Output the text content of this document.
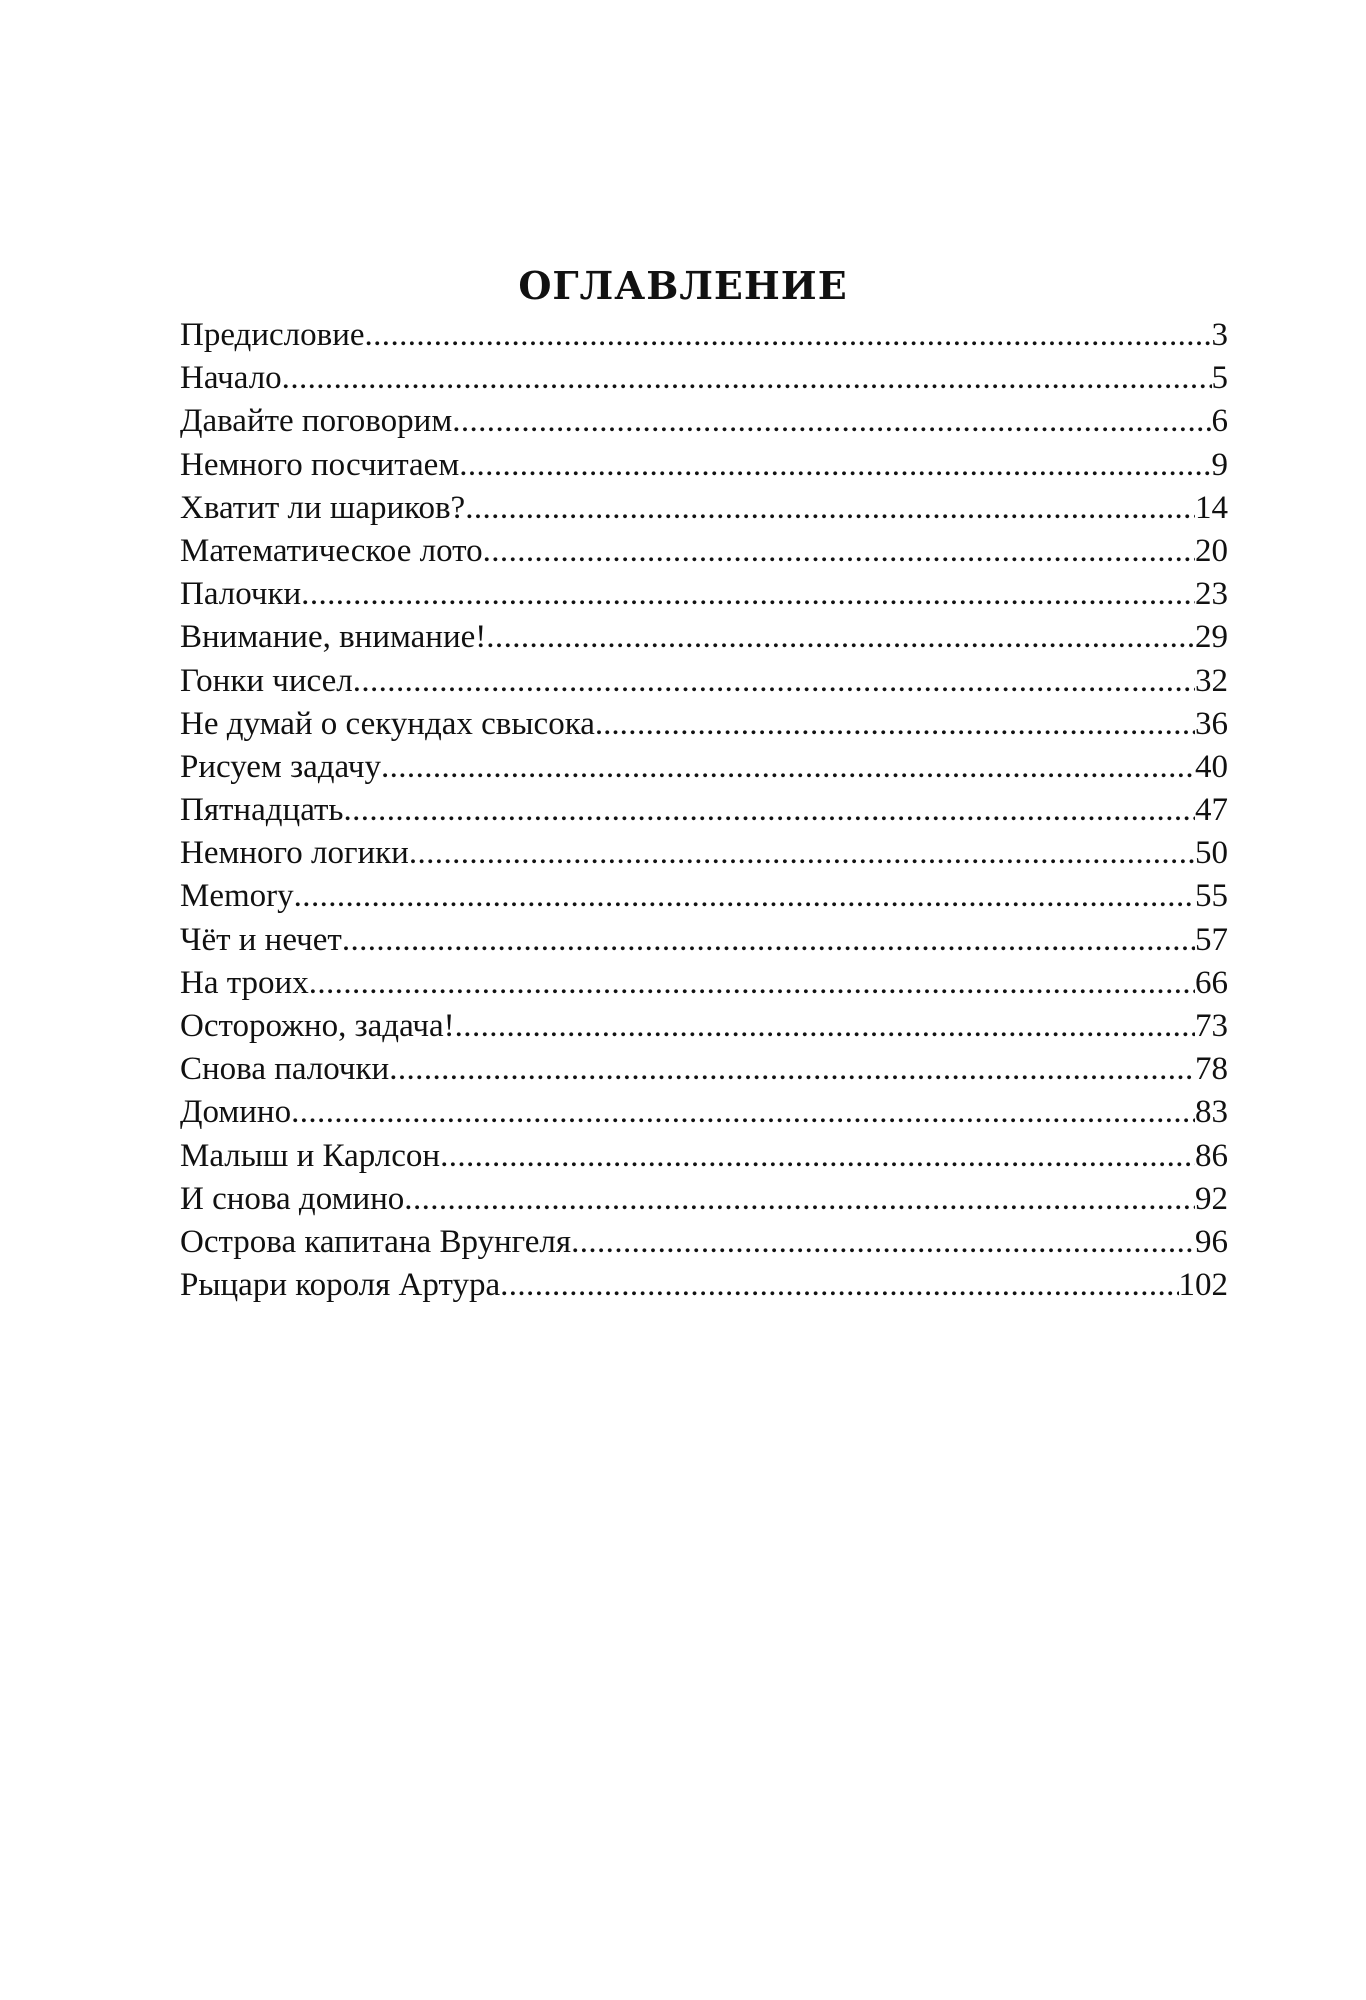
ОГЛАВЛЕНИЕ
Предисловие .....	3
Начало .....	5
Давайте поговорим .....	6
Немного посчитаем .....	9
Хватит ли шариков? .....	14
Математическое лото .....	20
Палочки .....	23
Внимание, внимание! .....	29
Гонки чисел .....	32
Не думай о секундах свысока... .....	36
Рисуем задачу .....	40
Пятнадцать .....	47
Немного логики .....	50
Memory .....	55
Чёт и нечет .....	57
На троих .....	66
Осторожно, задача! .....	73
Снова палочки .....	78
Домино .....	83
Малыш и Карлсон .....	86
И снова домино .....	92
Острова капитана Врунгеля .....	96
Рыцари короля Артура .....	102
